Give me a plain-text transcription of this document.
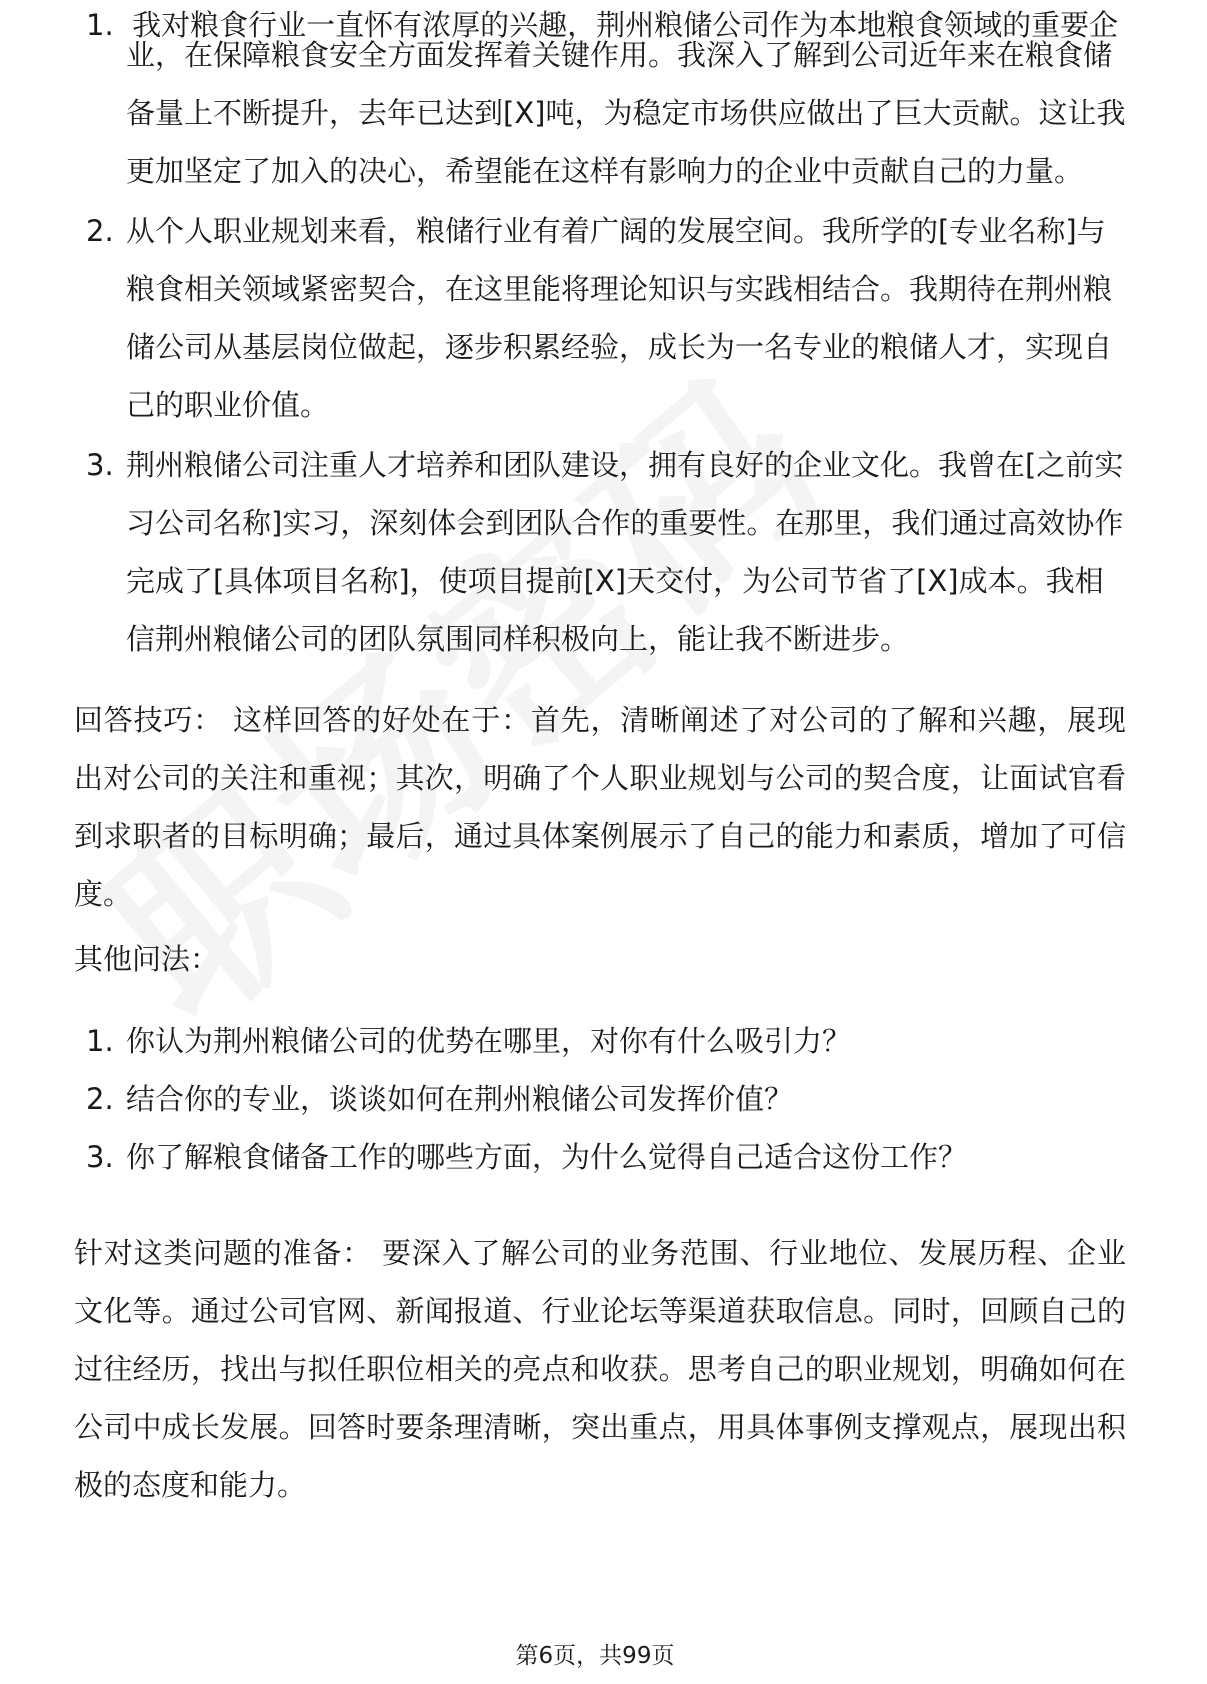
1. 我对粮食行业一直怀有浓厚的兴趣，荆州粮储公司作为本地粮食领域的重要企
业，在保障粮食安全方面发挥着关键作用。我深入了解到公司近年来在粮食储备量上不断提升，去年已达到[X]吨，为稳定市场供应做出了巨大贡献。这让我更加坚定了加入的决心，希望能在这样有影响力的企业中贡献自己的力量。
2. 从个人职业规划来看，粮储行业有着广阔的发展空间。我所学的[专业名称]与粮食相关领域紧密契合，在这里能将理论知识与实践相结合。我期待在荆州粮储公司从基层岗位做起，逐步积累经验，成长为一名专业的粮储人才，实现自己的职业价值。
3. 荆州粮储公司注重人才培养和团队建设，拥有良好的企业文化。我曾在[之前实习公司名称]实习，深刻体会到团队合作的重要性。在那里，我们通过高效协作完成了[具体项目名称]，使项目提前[X]天交付，为公司节省了[X]成本。我相信荆州粮储公司的团队氛围同样积极向上，能让我不断进步。

回答技巧： 这样回答的好处在于：首先，清晰阐述了对公司的了解和兴趣，展现出对公司的关注和重视；其次，明确了个人职业规划与公司的契合度，让面试官看到求职者的目标明确；最后，通过具体案例展示了自己的能力和素质，增加了可信度。

其他问法：

1. 你认为荆州粮储公司的优势在哪里，对你有什么吸引力？
2. 结合你的专业，谈谈如何在荆州粮储公司发挥价值？
3. 你了解粮食储备工作的哪些方面，为什么觉得自己适合这份工作？

针对这类问题的准备： 要深入了解公司的业务范围、行业地位、发展历程、企业文化等。通过公司官网、新闻报道、行业论坛等渠道获取信息。同时，回顾自己的过往经历，找出与拟任职位相关的亮点和收获。思考自己的职业规划，明确如何在公司中成长发展。回答时要条理清晰，突出重点，用具体事例支撑观点，展现出积极的态度和能力。

第6页，共99页
